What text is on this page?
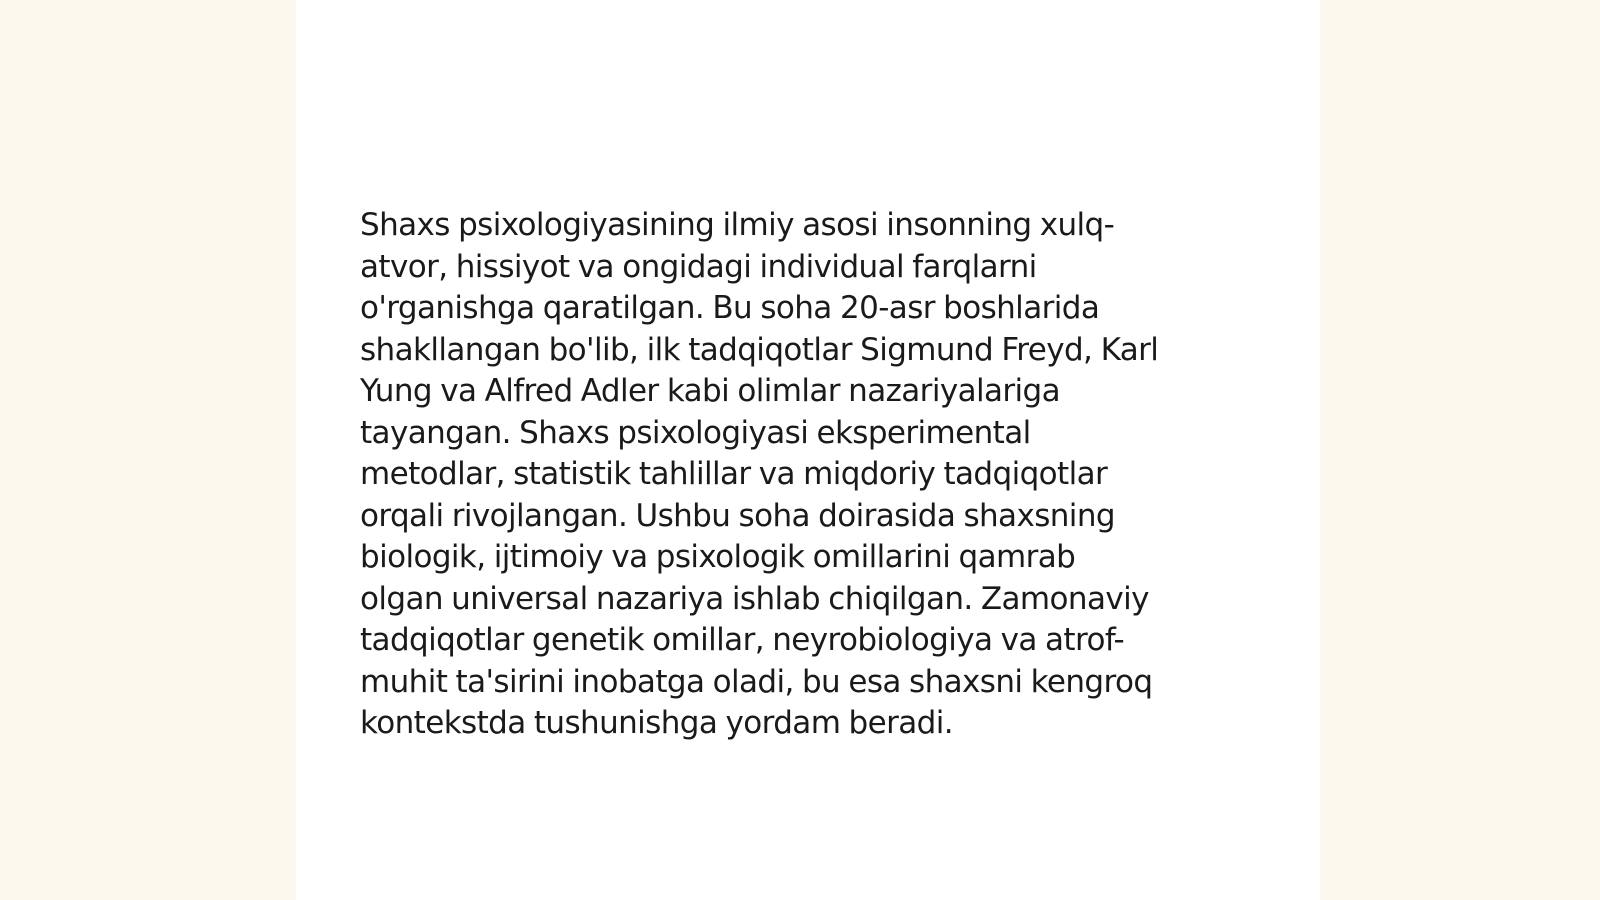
Shaxs psixologiyasining ilmiy asosi insonning xulq-
atvor, hissiyot va ongidagi individual farqlarni
o'rganishga qaratilgan. Bu soha 20-asr boshlarida
shakllangan bo'lib, ilk tadqiqotlar Sigmund Freyd, Karl
Yung va Alfred Adler kabi olimlar nazariyalariga
tayangan. Shaxs psixologiyasi eksperimental
metodlar, statistik tahlillar va miqdoriy tadqiqotlar
orqali rivojlangan. Ushbu soha doirasida shaxsning
biologik, ijtimoiy va psixologik omillarini qamrab
olgan universal nazariya ishlab chiqilgan. Zamonaviy
tadqiqotlar genetik omillar, neyrobiologiya va atrof-
muhit ta'sirini inobatga oladi, bu esa shaxsni kengroq
kontekstda tushunishga yordam beradi.
